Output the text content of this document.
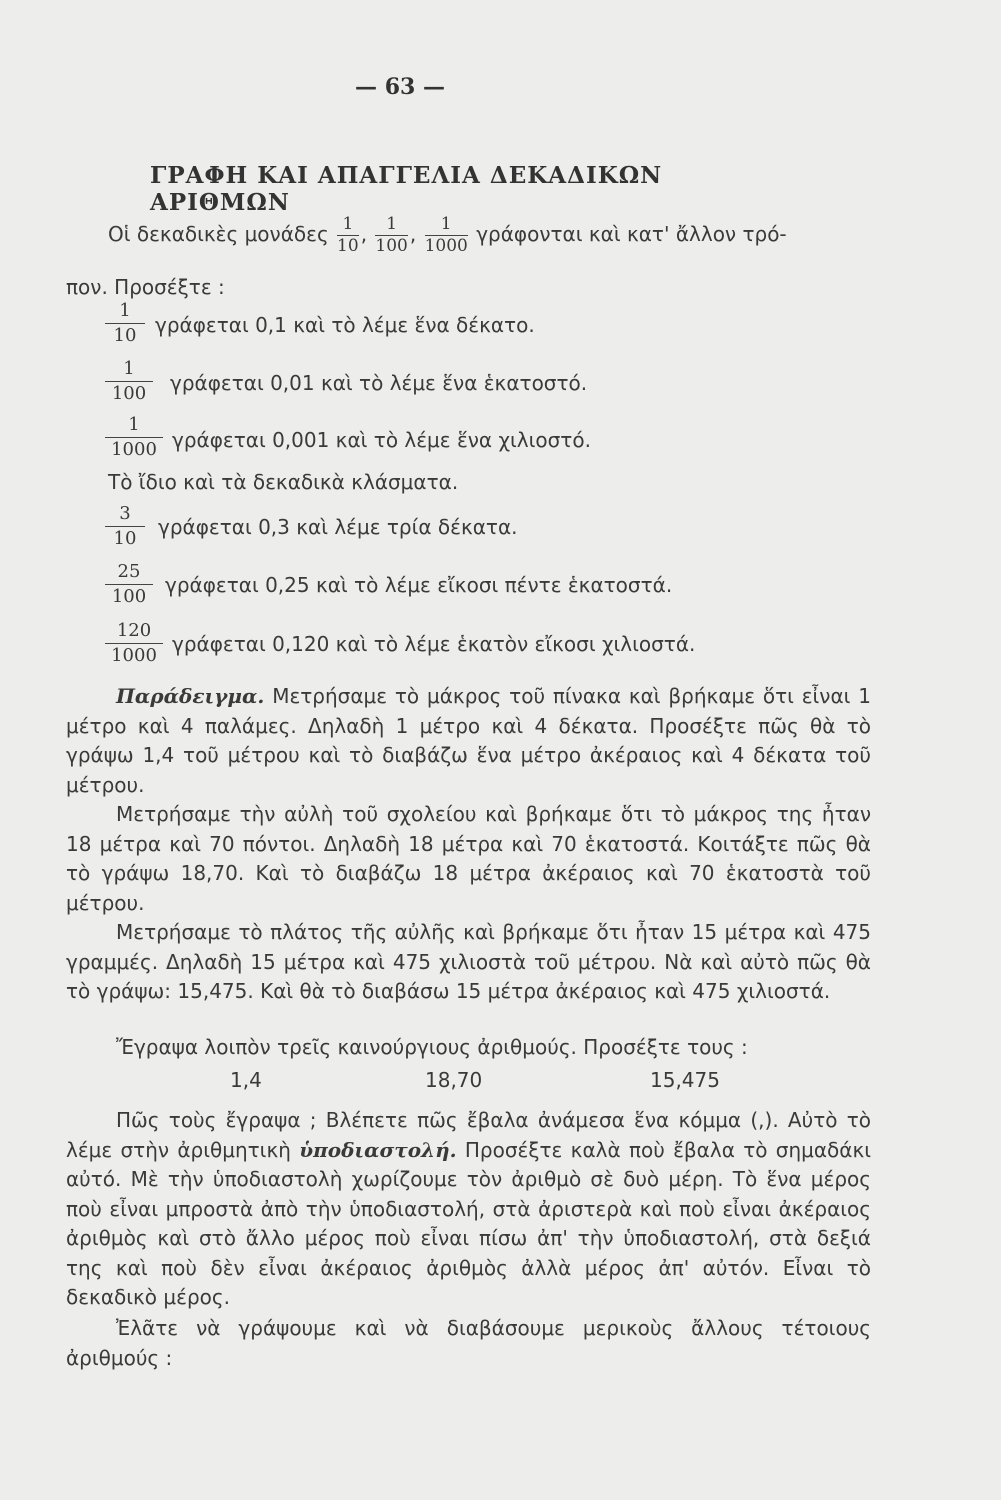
— 63 —
ΓΡΑΦΗ ΚΑΙ ΑΠΑΓΓΕΛΙΑ ΔΕΚΑΔΙΚΩΝ ΑΡΙΘΜΩΝ
Οἱ δεκαδικὲς μονάδες $\frac{1}{10}$ , $\frac{1}{100}$ , $\frac{1}{1000}$ γράφονται καὶ κατ' ἄλλον τρό-
πον. Προσέξτε :
$\frac{1}{10}$ γράφεται 0,1 καὶ τὸ λέμε ἕνα δέκατο.
$\frac{1}{100}$ γράφεται 0,01 καὶ τὸ λέμε ἕνα ἑκατοστό.
$\frac{1}{1000}$ γράφεται 0,001 καὶ τὸ λέμε ἕνα χιλιοστό.
Τὸ ἴδιο καὶ τὰ δεκαδικὰ κλάσματα.
$\frac{3}{10}$ γράφεται 0,3 καὶ λέμε τρία δέκατα.
$\frac{25}{100}$ γράφεται 0,25 καὶ τὸ λέμε εἴκοσι πέντε ἑκατοστά.
$\frac{120}{1000}$ γράφεται 0,120 καὶ τὸ λέμε ἑκατὸν εἴκοσι χιλιοστά.
Παράδειγμα. Μετρήσαμε τὸ μάκρος τοῦ πίνακα καὶ βρήκαμε ὅτι εἶναι 1 μέτρο καὶ 4 παλάμες. Δηλαδὴ 1 μέτρο καὶ 4 δέκατα. Προσέξτε πῶς θὰ τὸ γράψω 1,4 τοῦ μέτρου καὶ τὸ διαβάζω ἕνα μέτρο ἀκέραιος καὶ 4 δέκατα τοῦ μέτρου.
Μετρήσαμε τὴν αὐλὴ τοῦ σχολείου καὶ βρήκαμε ὅτι τὸ μάκρος της ἦταν 18 μέτρα καὶ 70 πόντοι. Δηλαδὴ 18 μέτρα καὶ 70 ἑκατοστά. Κοιτάξτε πῶς θὰ τὸ γράψω 18,70. Καὶ τὸ διαβάζω 18 μέτρα ἀκέραιος καὶ 70 ἑκατοστὰ τοῦ μέτρου.
Μετρήσαμε τὸ πλάτος τῆς αὐλῆς καὶ βρήκαμε ὅτι ἦταν 15 μέτρα καὶ 475 γραμμές. Δηλαδὴ 15 μέτρα καὶ 475 χιλιοστὰ τοῦ μέτρου. Νὰ καὶ αὐτὸ πῶς θὰ τὸ γράψω: 15,475. Καὶ θὰ τὸ διαβάσω 15 μέτρα ἀκέραιος καὶ 475 χιλιοστά.
Ἔγραψα λοιπὸν τρεῖς καινούργιους ἀριθμούς. Προσέξτε τους :
1,4	18,70	15,475
Πῶς τοὺς ἔγραψα ; Βλέπετε πῶς ἔβαλα ἀνάμεσα ἕνα κόμμα (,). Αὐτὸ τὸ λέμε στὴν ἀριθμητικὴ ὑποδιαστολή. Προσέξτε καλὰ ποὺ ἔβαλα τὸ σημαδάκι αὐτό. Μὲ τὴν ὑποδιαστολὴ χωρίζουμε τὸν ἀριθμὸ σὲ δυὸ μέρη. Τὸ ἕνα μέρος ποὺ εἶναι μπροστὰ ἀπὸ τὴν ὑποδιαστολή, στὰ ἀριστερὰ καὶ ποὺ εἶναι ἀκέραιος ἀριθμὸς καὶ στὸ ἄλλο μέρος ποὺ εἶναι πίσω ἀπ' τὴν ὑποδιαστολή, στὰ δεξιά της καὶ ποὺ δὲν εἶναι ἀκέραιος ἀριθμὸς ἀλλὰ μέρος ἀπ' αὐτόν. Εἶναι τὸ δεκαδικὸ μέρος.
Ἐλᾶτε νὰ γράψουμε καὶ νὰ διαβάσουμε μερικοὺς ἄλλους τέτοιους ἀριθμούς :
